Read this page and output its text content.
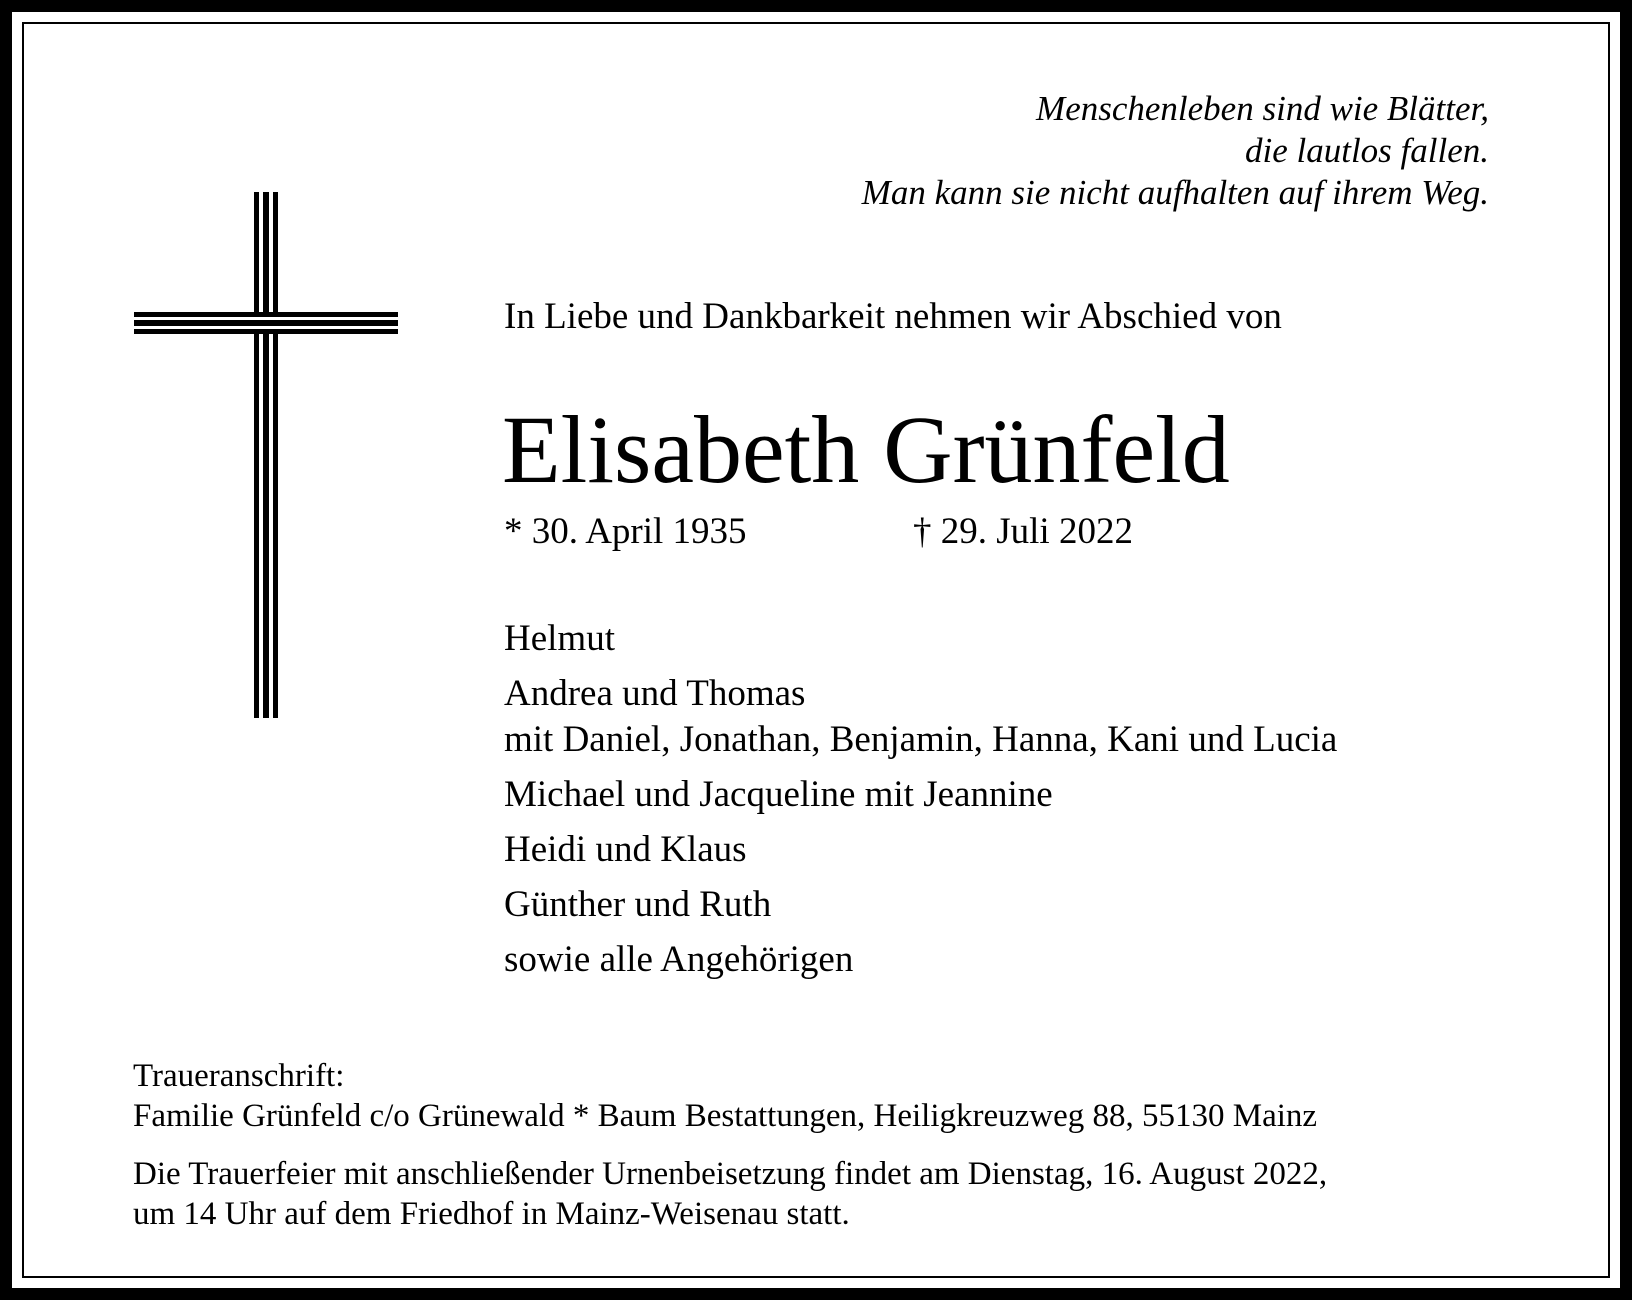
Menschenleben sind wie Blätter,
die lautlos fallen.
Man kann sie nicht aufhalten auf ihrem Weg.
In Liebe und Dankbarkeit nehmen wir Abschied von
Elisabeth Grünfeld
* 30. April 1935	† 29. Juli 2022
Helmut
Andrea und Thomas
mit Daniel, Jonathan, Benjamin, Hanna, Kani und Lucia
Michael und Jacqueline mit Jeannine
Heidi und Klaus
Günther und Ruth
sowie alle Angehörigen
Traueranschrift:
Familie Grünfeld c/o Grünewald * Baum Bestattungen, Heiligkreuzweg 88, 55130 Mainz
Die Trauerfeier mit anschließender Urnenbeisetzung findet am Dienstag, 16. August 2022,
um 14 Uhr auf dem Friedhof in Mainz-Weisenau statt.
